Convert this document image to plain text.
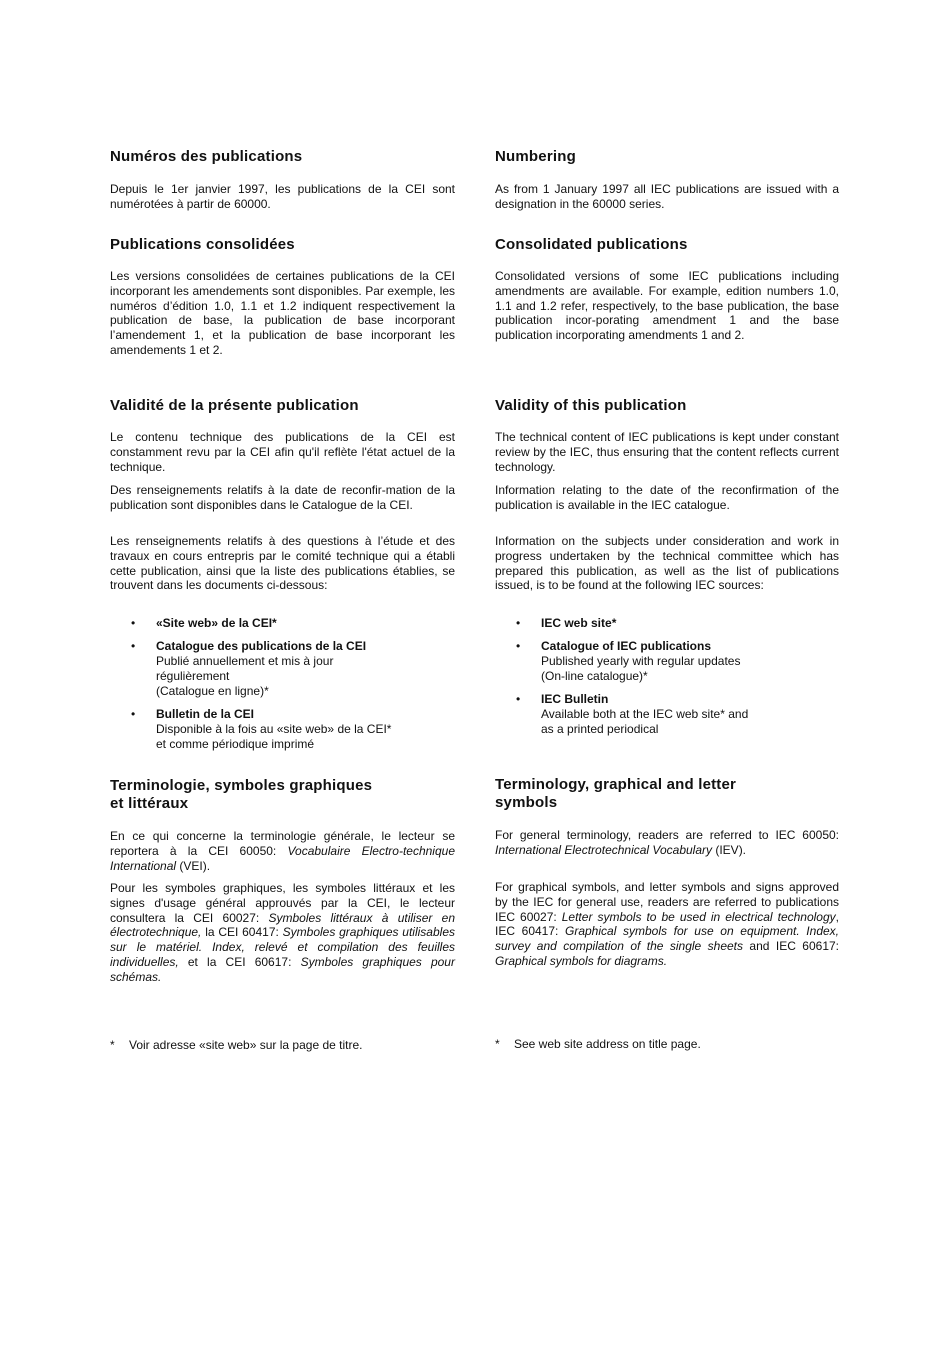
Numéros des publications

Depuis le 1er janvier 1997, les publications de la CEI sont numérotées à partir de 60000.

Publications consolidées

Les versions consolidées de certaines publications de la CEI incorporant les amendements sont disponibles. Par exemple, les numéros d’édition 1.0, 1.1 et 1.2 indiquent respectivement la publication de base, la publication de base incorporant l’amendement 1, et la publication de base incorporant les amendements 1 et 2.

Validité de la présente publication

Le contenu technique des publications de la CEI est constamment revu par la CEI afin qu'il reflète l'état actuel de la technique.

Des renseignements relatifs à la date de reconfir-mation de la publication sont disponibles dans le Catalogue de la CEI.

Les renseignements relatifs à des questions à l’étude et des travaux en cours entrepris par le comité technique qui a établi cette publication, ainsi que la liste des publications établies, se trouvent dans les documents ci-dessous:

• «Site web» de la CEI*
• Catalogue des publications de la CEI
Publié annuellement et mis à jour
régulièrement
(Catalogue en ligne)*
• Bulletin de la CEI
Disponible à la fois au «site web» de la CEI*
et comme périodique imprimé
Terminologie, symboles graphiques
et littéraux

En ce qui concerne la terminologie générale, le lecteur se reportera à la CEI 60050: Vocabulaire Electro-technique International (VEI).

Pour les symboles graphiques, les symboles littéraux et les signes d'usage général approuvés par la CEI, le lecteur consultera la CEI 60027: Symboles littéraux à utiliser en électrotechnique, la CEI 60417: Symboles graphiques utilisables sur le matériel. Index, relevé et compilation des feuilles individuelles, et la CEI 60617: Symboles graphiques pour schémas.

* Voir adresse «site web» sur la page de titre.
Numbering

As from 1 January 1997 all IEC publications are issued with a designation in the 60000 series.

Consolidated publications

Consolidated versions of some IEC publications including amendments are available. For example, edition numbers 1.0, 1.1 and 1.2 refer, respectively, to the base publication, the base publication incor-porating amendment 1 and the base publication incorporating amendments 1 and 2.

Validity of this publication

The technical content of IEC publications is kept under constant review by the IEC, thus ensuring that the content reflects current technology.

Information relating to the date of the reconfirmation of the publication is available in the IEC catalogue.

Information on the subjects under consideration and work in progress undertaken by the technical committee which has prepared this publication, as well as the list of publications issued, is to be found at the following IEC sources:

• IEC web site*
• Catalogue of IEC publications
Published yearly with regular updates
(On-line catalogue)*
• IEC Bulletin
Available both at the IEC web site* and
as a printed periodical
Terminology, graphical and letter
symbols

For general terminology, readers are referred to IEC 60050: International Electrotechnical Vocabulary (IEV).

For graphical symbols, and letter symbols and signs approved by the IEC for general use, readers are referred to publications IEC 60027: Letter symbols to be used in electrical technology, IEC 60417: Graphical symbols for use on equipment. Index, survey and compilation of the single sheets and IEC 60617: Graphical symbols for diagrams.

* See web site address on title page.
